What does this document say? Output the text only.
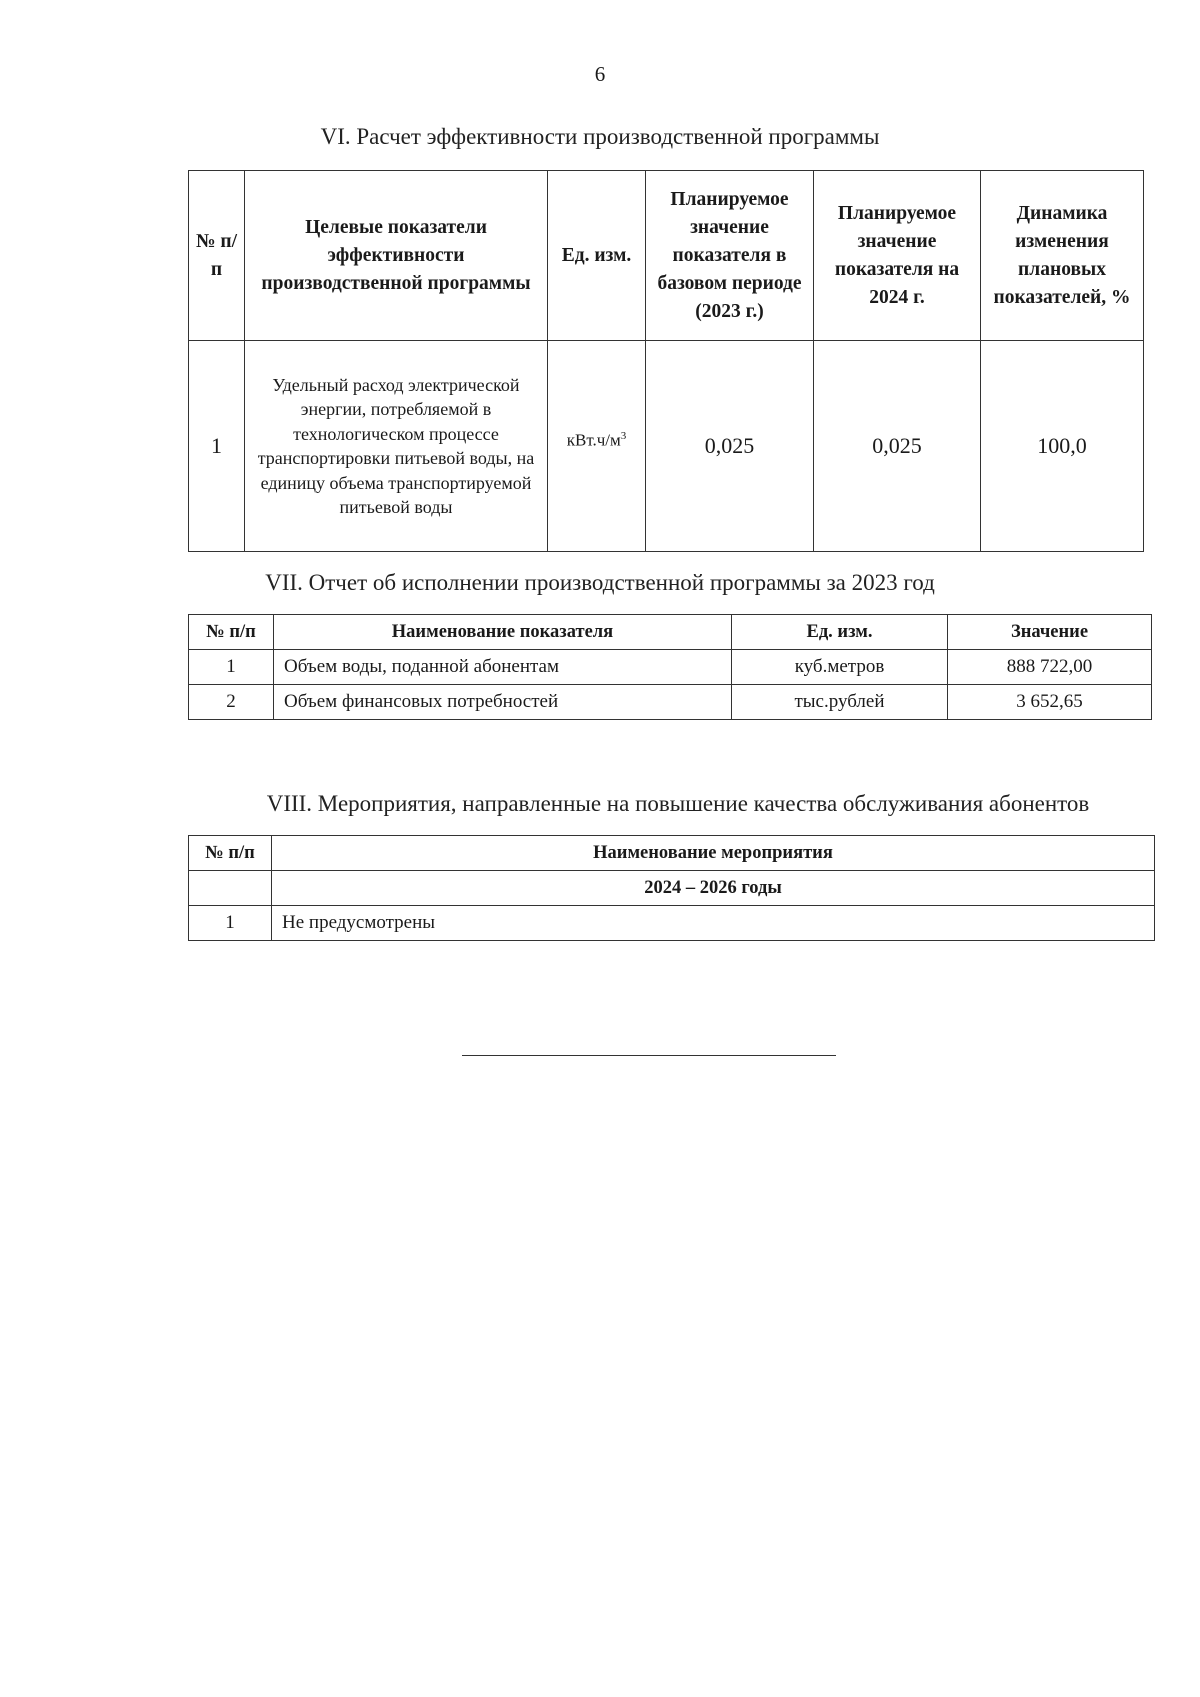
6
VI. Расчет эффективности производственной программы
№ п/п	Целевые показатели эффективности производственной программы	Ед. изм.	Планируемое значение показателя в базовом периоде (2023 г.)	Планируемое значение показателя на 2024 г.	Динамика изменения плановых показателей, %
1	Удельный расход электрической энергии, потребляемой в технологическом процессе транспортировки питьевой воды, на единицу объема транспортируемой питьевой воды	$кВт.ч/м^3$	0,025	0,025	100,0
VII. Отчет об исполнении производственной программы за 2023 год
№ п/п	Наименование показателя	Ед. изм.	Значение
1	Объем воды, поданной абонентам	куб.метров	888 722,00
2	Объем финансовых потребностей	тыс.рублей	3 652,65
VIII. Мероприятия, направленные на повышение качества обслуживания абонентов
№ п/п	Наименование мероприятия
	2024 – 2026 годы
1	Не предусмотрены
